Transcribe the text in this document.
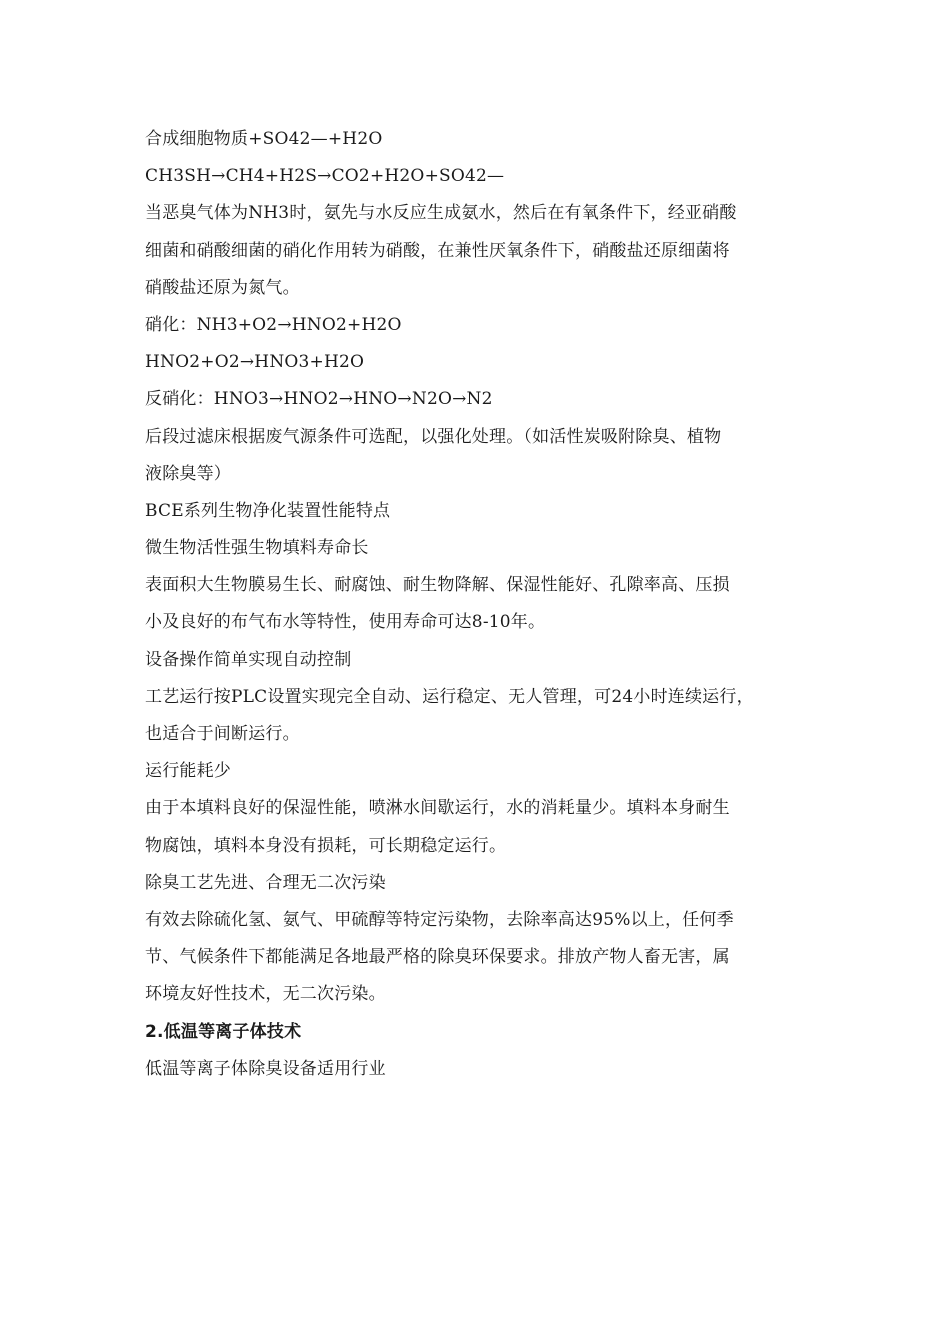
合成细胞物质+SO42—+H2O
CH3SH→CH4+H2S→CO2+H2O+SO42—
当恶臭气体为NH3时，氨先与水反应生成氨水，然后在有氧条件下，经亚硝酸
细菌和硝酸细菌的硝化作用转为硝酸，在兼性厌氧条件下，硝酸盐还原细菌将
硝酸盐还原为氮气。
硝化：NH3+O2→HNO2+H2O
HNO2+O2→HNO3+H2O
反硝化：HNO3→HNO2→HNO→N2O→N2
后段过滤床根据废气源条件可选配，以强化处理。（如活性炭吸附除臭、植物
液除臭等）
BCE系列生物净化装置性能特点
微生物活性强生物填料寿命长
表面积大生物膜易生长、耐腐蚀、耐生物降解、保湿性能好、孔隙率高、压损
小及良好的布气布水等特性，使用寿命可达8-10年。
设备操作简单实现自动控制
工艺运行按PLC设置实现完全自动、运行稳定、无人管理，可24小时连续运行，
也适合于间断运行。
运行能耗少
由于本填料良好的保湿性能，喷淋水间歇运行，水的消耗量少。填料本身耐生
物腐蚀，填料本身没有损耗，可长期稳定运行。
除臭工艺先进、合理无二次污染
有效去除硫化氢、氨气、甲硫醇等特定污染物，去除率高达95%以上，任何季
节、气候条件下都能满足各地最严格的除臭环保要求。排放产物人畜无害，属
环境友好性技术，无二次污染。
2.低温等离子体技术
低温等离子体除臭设备适用行业
